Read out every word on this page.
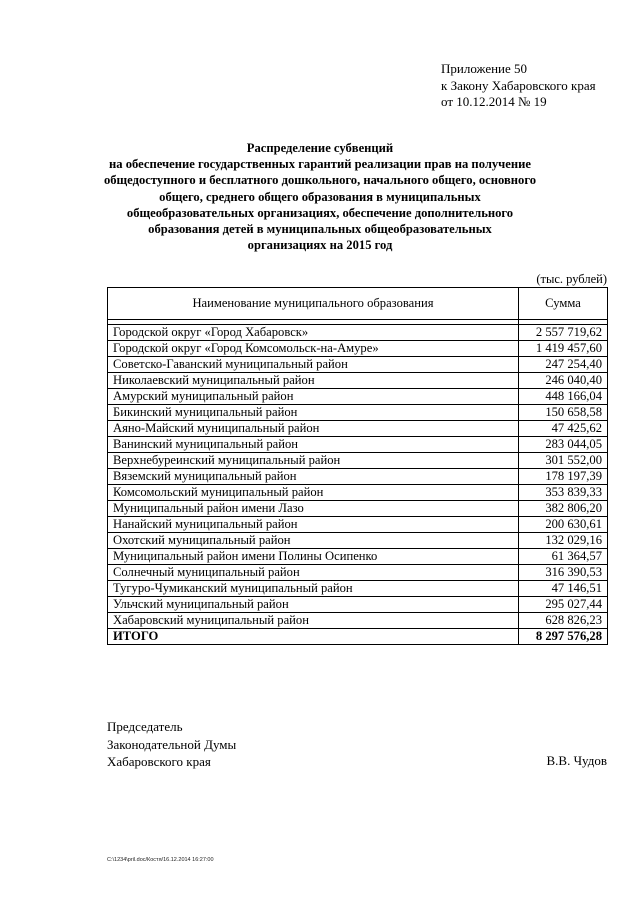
Приложение 50
к Закону Хабаровского края
от 10.12.2014 № 19
Распределение субвенций
на обеспечение государственных гарантий реализации прав на получение
общедоступного и бесплатного дошкольного, начального общего, основного
общего, среднего общего образования в муниципальных
общеобразовательных организациях, обеспечение дополнительного
образования детей в муниципальных общеобразовательных
организациях на 2015 год
(тыс. рублей)
Наименование муниципального образования	Сумма

Городской округ «Город Хабаровск»	2 557 719,62
Городской округ «Город Комсомольск-на-Амуре»	1 419 457,60
Советско-Гаванский муниципальный район	247 254,40
Николаевский муниципальный район	246 040,40
Амурский муниципальный район	448 166,04
Бикинский муниципальный район	150 658,58
Аяно-Майский муниципальный район	47 425,62
Ванинский муниципальный район	283 044,05
Верхнебуреинский муниципальный район	301 552,00
Вяземский муниципальный район	178 197,39
Комсомольский муниципальный район	353 839,33
Муниципальный район имени Лазо	382 806,20
Нанайский муниципальный район	200 630,61
Охотский муниципальный район	132 029,16
Муниципальный район имени Полины Осипенко	61 364,57
Солнечный муниципальный район	316 390,53
Тугуро-Чумиканский муниципальный район	47 146,51
Ульчский муниципальный район	295 027,44
Хабаровский муниципальный район	628 826,23
ИТОГО	8 297 576,28
Председатель
Законодательной Думы
Хабаровского края	В.В. Чудов
C:\1234\pril.doc/Костя/16.12.2014 16:27:00
